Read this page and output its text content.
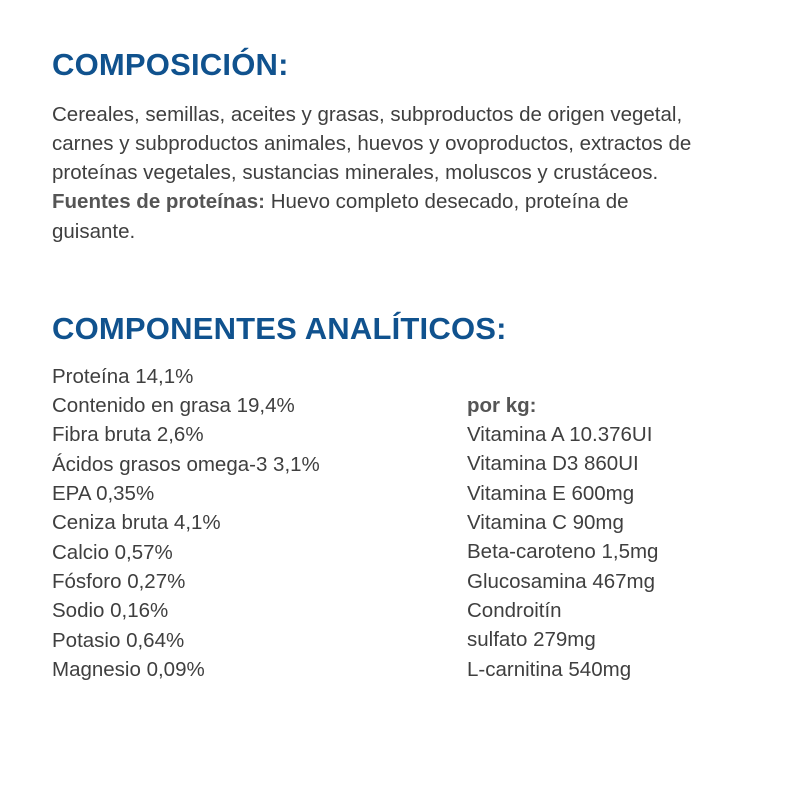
COMPOSICIÓN:

Cereales, semillas, aceites y grasas, subproductos de origen vegetal, carnes y subproductos animales, huevos y ovoproductos, extractos de proteínas vegetales, sustancias minerales, moluscos y crustáceos.

Fuentes de proteínas: Huevo completo desecado, proteína de guisante.

COMPONENTES ANALÍTICOS:
Proteína 14,1%
Contenido en grasa 19,4%
Fibra bruta 2,6%
Ácidos grasos omega-3 3,1%
EPA 0,35%
Ceniza bruta 4,1%
Calcio 0,57%
Fósforo 0,27%
Sodio 0,16%
Potasio 0,64%
Magnesio 0,09%
por kg:
Vitamina A 10.376UI
Vitamina D3 860UI
Vitamina E 600mg
Vitamina C 90mg
Beta-caroteno 1,5mg
Glucosamina 467mg
Condroitín
sulfato 279mg
L-carnitina 540mg
